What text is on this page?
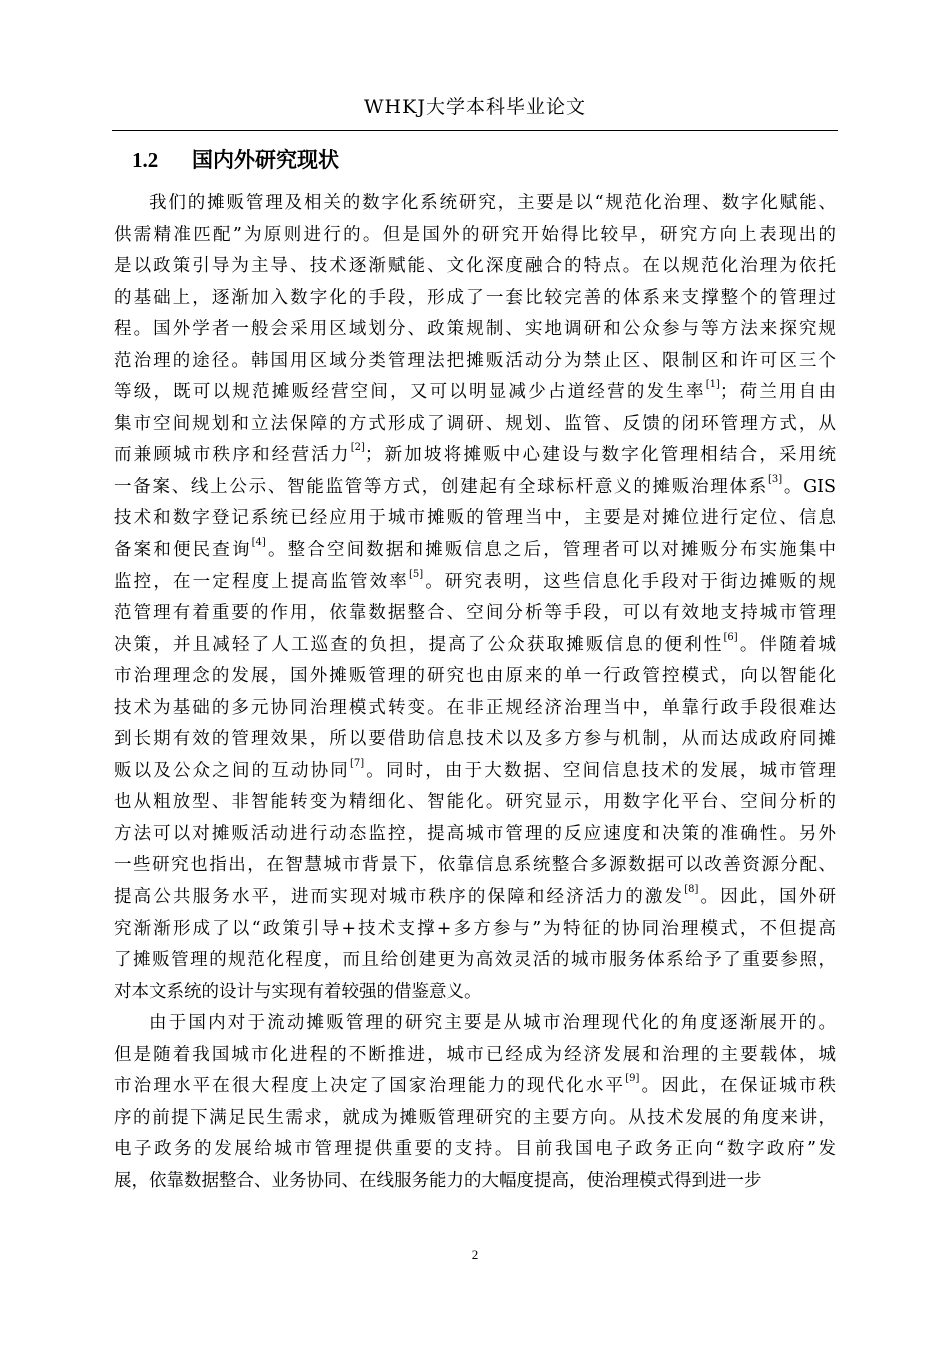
WHKJ大学本科毕业论文
1.2 国内外研究现状
我们的摊贩管理及相关的数字化系统研究，主要是以“规范化治理、数字化赋能、
供需精准匹配”为原则进行的。但是国外的研究开始得比较早，研究方向上表现出的
是以政策引导为主导、技术逐渐赋能、文化深度融合的特点。在以规范化治理为依托
的基础上，逐渐加入数字化的手段，形成了一套比较完善的体系来支撑整个的管理过
程。国外学者一般会采用区域划分、政策规制、实地调研和公众参与等方法来探究规
范治理的途径。韩国用区域分类管理法把摊贩活动分为禁止区、限制区和许可区三个
等级，既可以规范摊贩经营空间，又可以明显减少占道经营的发生率[1]；荷兰用自由
集市空间规划和立法保障的方式形成了调研、规划、监管、反馈的闭环管理方式，从
而兼顾城市秩序和经营活力[2]；新加坡将摊贩中心建设与数字化管理相结合，采用统
一备案、线上公示、智能监管等方式，创建起有全球标杆意义的摊贩治理体系[3]。GIS
技术和数字登记系统已经应用于城市摊贩的管理当中，主要是对摊位进行定位、信息
备案和便民查询[4]。整合空间数据和摊贩信息之后，管理者可以对摊贩分布实施集中
监控，在一定程度上提高监管效率[5]。研究表明，这些信息化手段对于街边摊贩的规
范管理有着重要的作用，依靠数据整合、空间分析等手段，可以有效地支持城市管理
决策，并且减轻了人工巡查的负担，提高了公众获取摊贩信息的便利性[6]。伴随着城
市治理理念的发展，国外摊贩管理的研究也由原来的单一行政管控模式，向以智能化
技术为基础的多元协同治理模式转变。在非正规经济治理当中，单靠行政手段很难达
到长期有效的管理效果，所以要借助信息技术以及多方参与机制，从而达成政府同摊
贩以及公众之间的互动协同[7]。同时，由于大数据、空间信息技术的发展，城市管理
也从粗放型、非智能转变为精细化、智能化。研究显示，用数字化平台、空间分析的
方法可以对摊贩活动进行动态监控，提高城市管理的反应速度和决策的准确性。另外
一些研究也指出，在智慧城市背景下，依靠信息系统整合多源数据可以改善资源分配、
提高公共服务水平，进而实现对城市秩序的保障和经济活力的激发[8]。因此，国外研
究渐渐形成了以“政策引导+技术支撑+多方参与”为特征的协同治理模式，不但提高
了摊贩管理的规范化程度，而且给创建更为高效灵活的城市服务体系给予了重要参照，
对本文系统的设计与实现有着较强的借鉴意义。
由于国内对于流动摊贩管理的研究主要是从城市治理现代化的角度逐渐展开的。
但是随着我国城市化进程的不断推进，城市已经成为经济发展和治理的主要载体，城
市治理水平在很大程度上决定了国家治理能力的现代化水平[9]。因此，在保证城市秩
序的前提下满足民生需求，就成为摊贩管理研究的主要方向。从技术发展的角度来讲，
电子政务的发展给城市管理提供重要的支持。目前我国电子政务正向“数字政府”发
展，依靠数据整合、业务协同、在线服务能力的大幅度提高，使治理模式得到进一步
2
